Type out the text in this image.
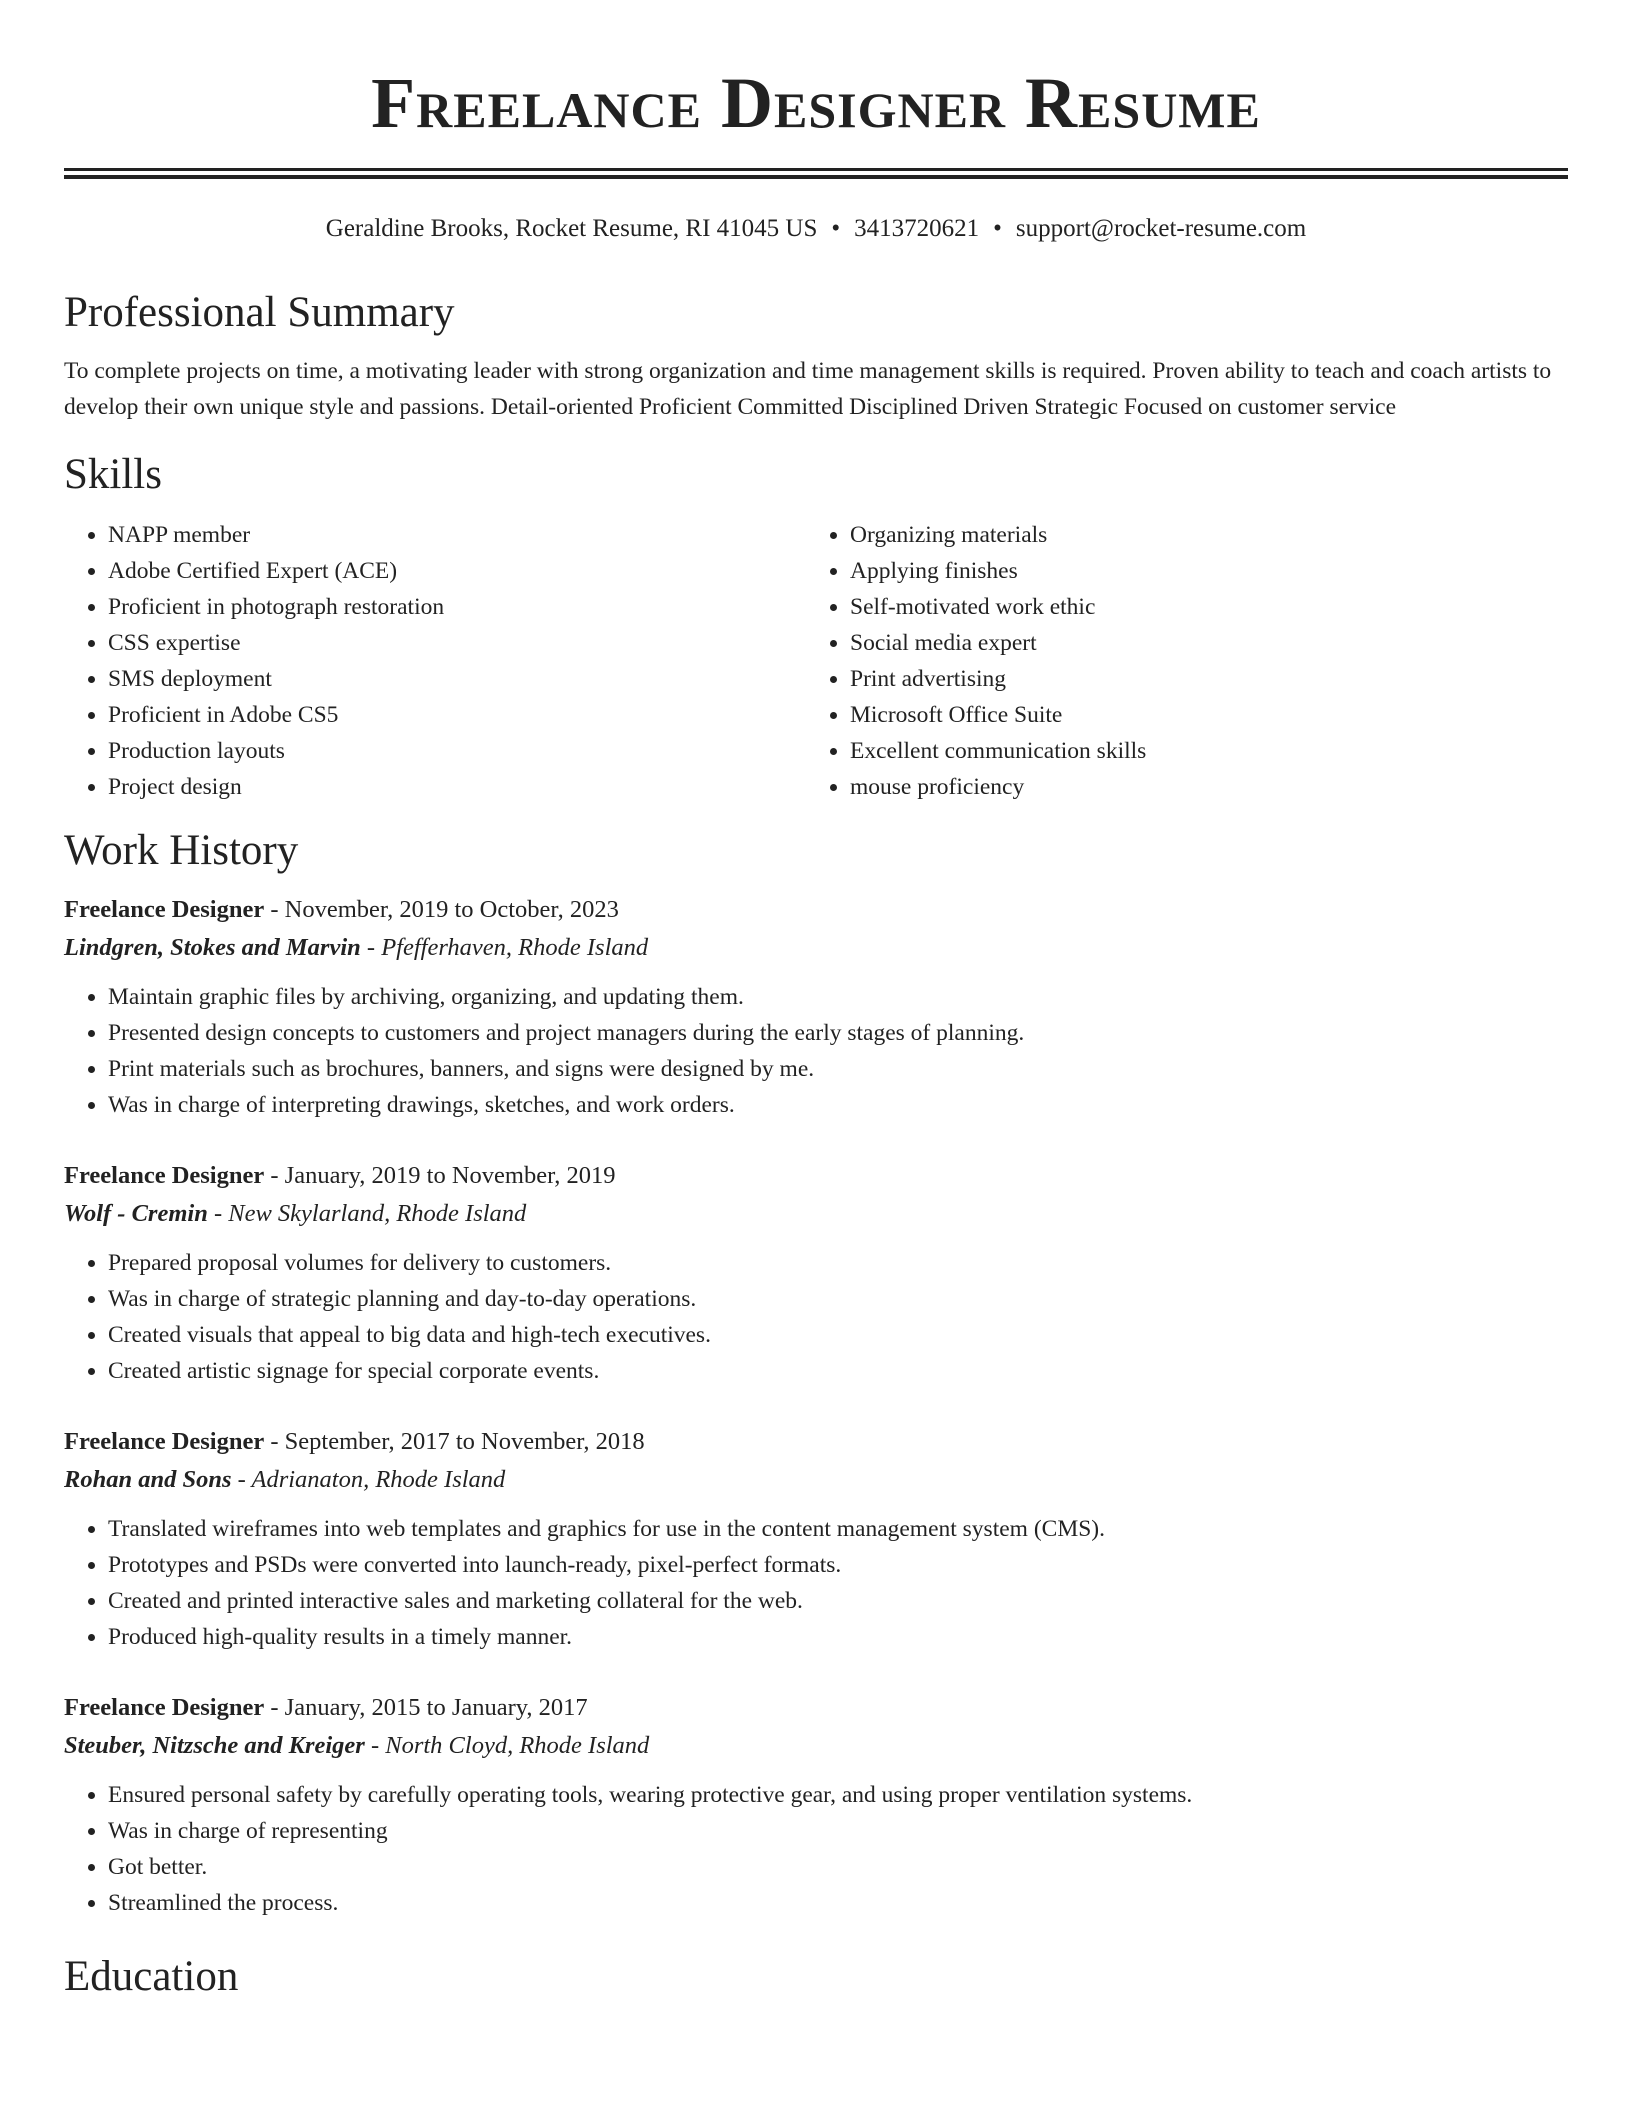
Freelance Designer Resume
Geraldine Brooks, Rocket Resume, RI 41045 US • 3413720621 • support@rocket-resume.com
Professional Summary

To complete projects on time, a motivating leader with strong organization and time management skills is required. Proven ability to teach and coach artists to develop their own unique style and passions. Detail-oriented Proficient Committed Disciplined Driven Strategic Focused on customer service

Skills
• NAPP member
• Adobe Certified Expert (ACE)
• Proficient in photograph restoration
• CSS expertise
• SMS deployment
• Proficient in Adobe CS5
• Production layouts
• Project design
• Organizing materials
• Applying finishes
• Self-motivated work ethic
• Social media expert
• Print advertising
• Microsoft Office Suite
• Excellent communication skills
• mouse proficiency
Work History
Freelance Designer - November, 2019 to October, 2023
Lindgren, Stokes and Marvin - Pfefferhaven, Rhode Island
• Maintain graphic files by archiving, organizing, and updating them.
• Presented design concepts to customers and project managers during the early stages of planning.
• Print materials such as brochures, banners, and signs were designed by me.
• Was in charge of interpreting drawings, sketches, and work orders.
Freelance Designer - January, 2019 to November, 2019
Wolf - Cremin - New Skylarland, Rhode Island
• Prepared proposal volumes for delivery to customers.
• Was in charge of strategic planning and day-to-day operations.
• Created visuals that appeal to big data and high-tech executives.
• Created artistic signage for special corporate events.
Freelance Designer - September, 2017 to November, 2018
Rohan and Sons - Adrianaton, Rhode Island
• Translated wireframes into web templates and graphics for use in the content management system (CMS).
• Prototypes and PSDs were converted into launch-ready, pixel-perfect formats.
• Created and printed interactive sales and marketing collateral for the web.
• Produced high-quality results in a timely manner.
Freelance Designer - January, 2015 to January, 2017
Steuber, Nitzsche and Kreiger - North Cloyd, Rhode Island
• Ensured personal safety by carefully operating tools, wearing protective gear, and using proper ventilation systems.
• Was in charge of representing
• Got better.
• Streamlined the process.
Education
